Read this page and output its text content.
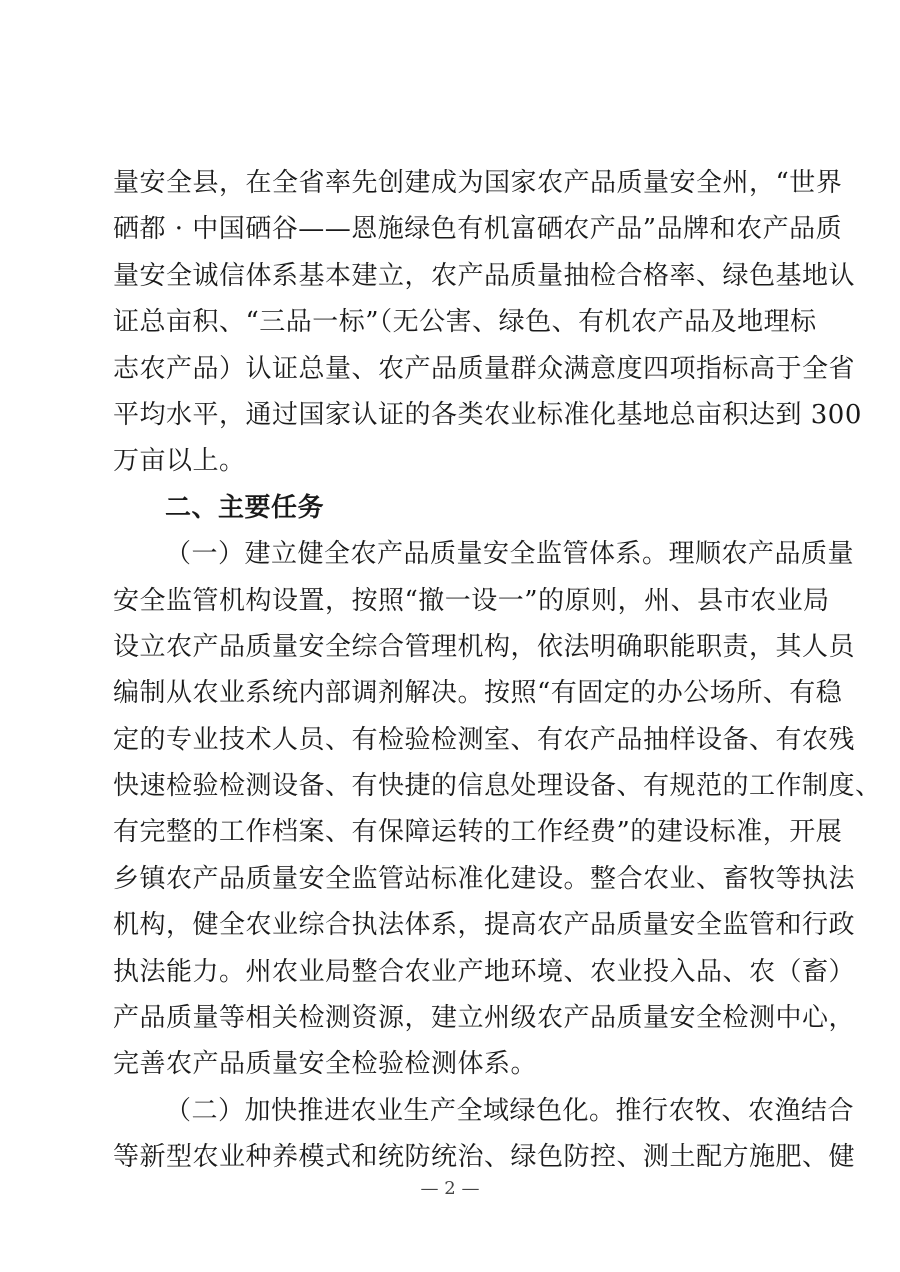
量安全县，在全省率先创建成为国家农产品质量安全州，“世界
硒都 · 中国硒谷——恩施绿色有机富硒农产品”品牌和农产品质
量安全诚信体系基本建立，农产品质量抽检合格率、绿色基地认
证总亩积、“三品一标”（无公害、绿色、有机农产品及地理标
志农产品）认证总量、农产品质量群众满意度四项指标高于全省
平均水平，通过国家认证的各类农业标准化基地总亩积达到 300
万亩以上。
二、主要任务
（一）建立健全农产品质量安全监管体系。理顺农产品质量
安全监管机构设置，按照“撤一设一”的原则，州、县市农业局
设立农产品质量安全综合管理机构，依法明确职能职责，其人员
编制从农业系统内部调剂解决。按照“有固定的办公场所、有稳
定的专业技术人员、有检验检测室、有农产品抽样设备、有农残
快速检验检测设备、有快捷的信息处理设备、有规范的工作制度、
有完整的工作档案、有保障运转的工作经费”的建设标准，开展
乡镇农产品质量安全监管站标准化建设。整合农业、畜牧等执法
机构，健全农业综合执法体系，提高农产品质量安全监管和行政
执法能力。州农业局整合农业产地环境、农业投入品、农（畜）
产品质量等相关检测资源，建立州级农产品质量安全检测中心，
完善农产品质量安全检验检测体系。
（二）加快推进农业生产全域绿色化。推行农牧、农渔结合
等新型农业种养模式和统防统治、绿色防控、测土配方施肥、健
— 2 —
